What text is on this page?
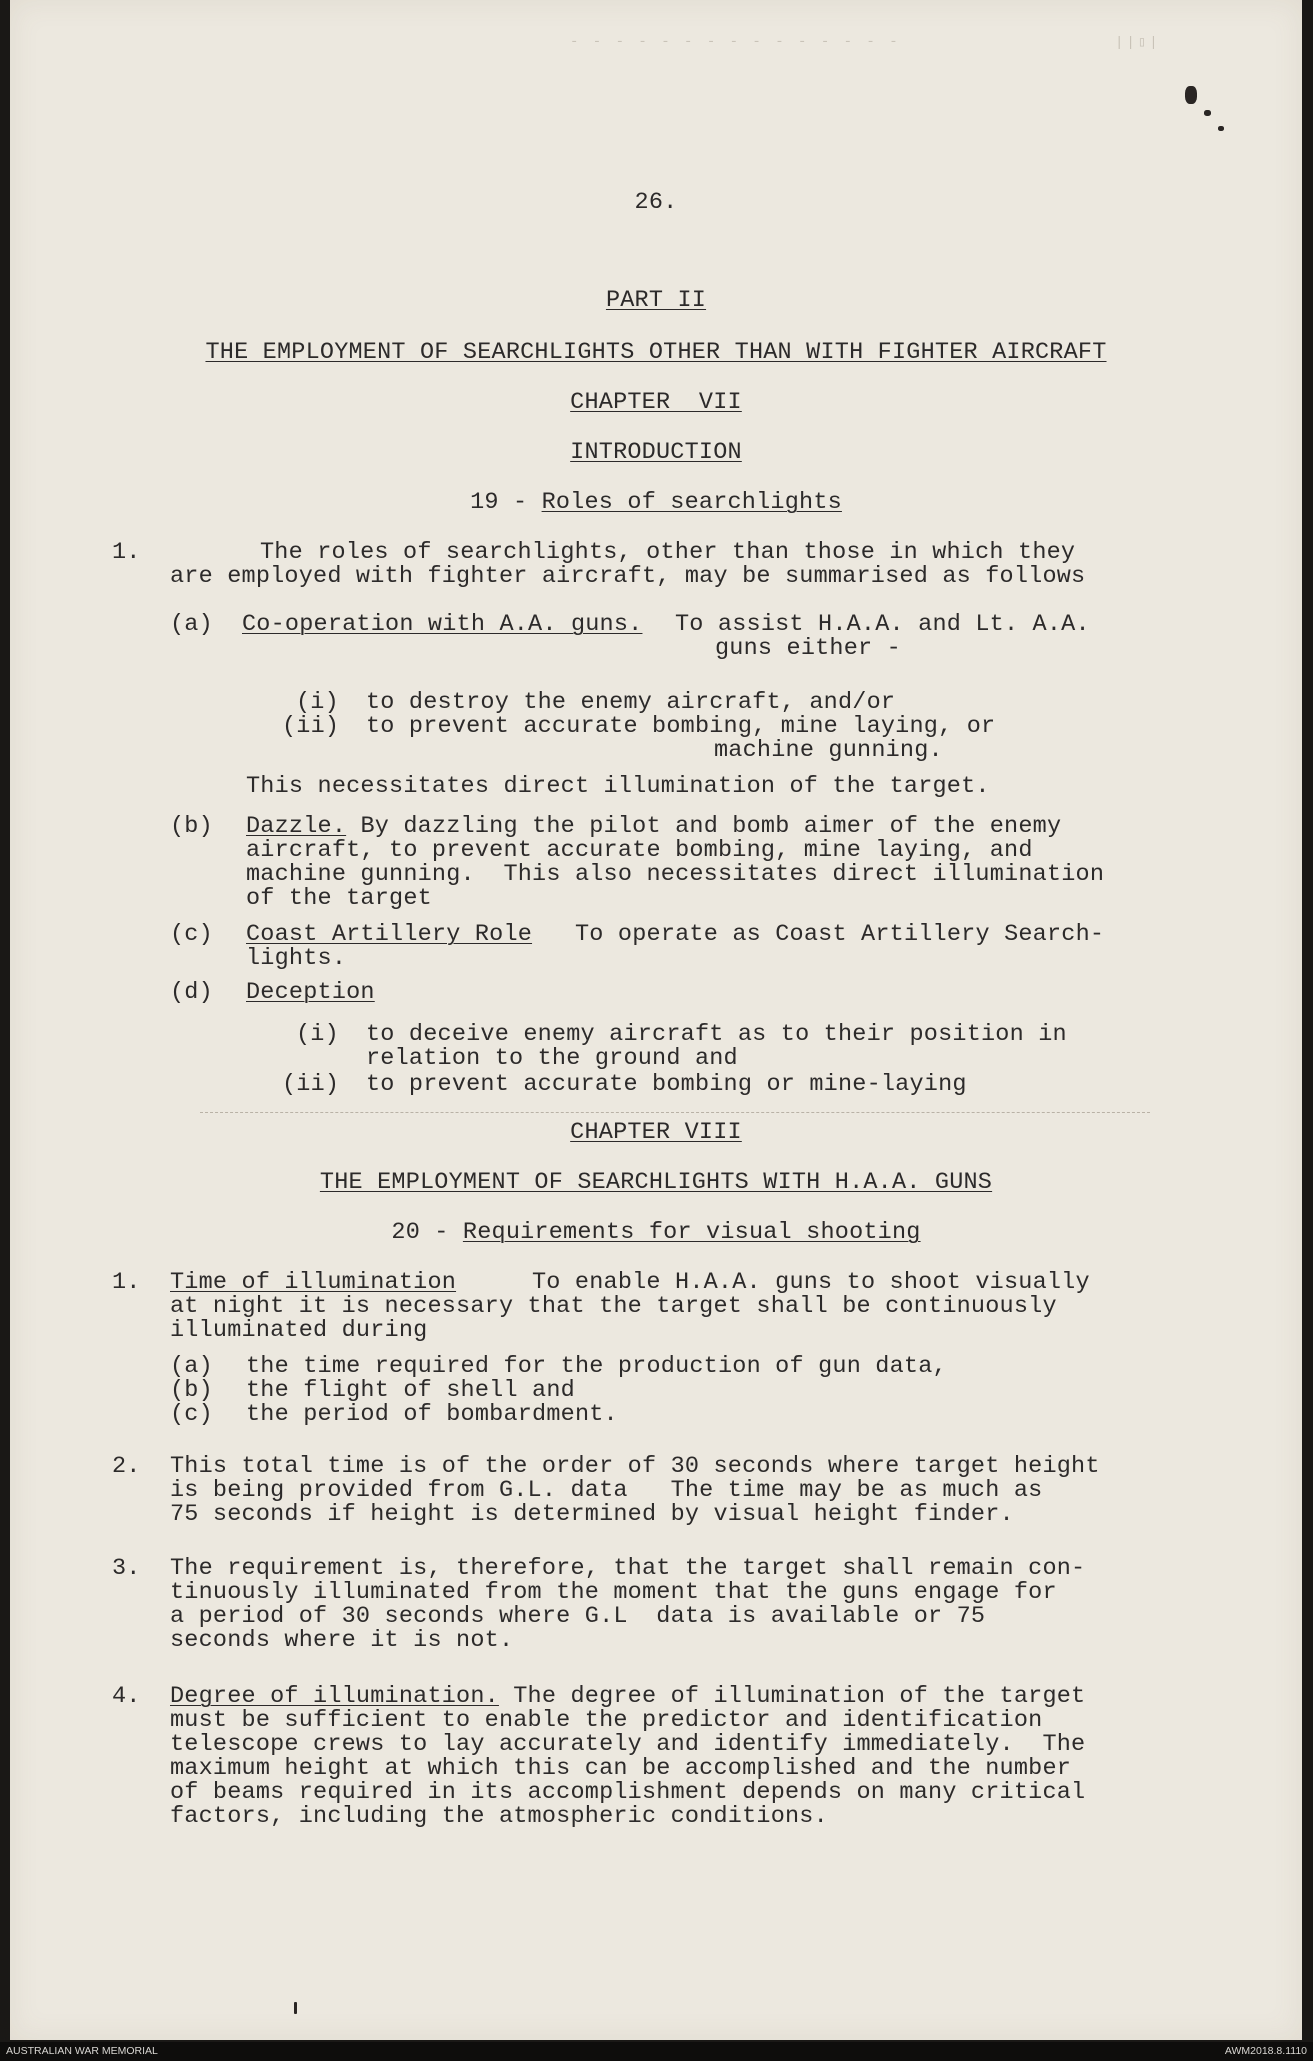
- - - - - - - - - - - - - - -	||▯|
26.
PART II
THE EMPLOYMENT OF SEARCHLIGHTS OTHER THAN WITH FIGHTER AIRCRAFT
CHAPTER  VII
INTRODUCTION
19 - Roles of searchlights
1.	The roles of searchlights, other than those in which they
are employed with fighter aircraft, may be summarised as follows
(a) Co-operation with A.A. guns. To assist H.A.A. and Lt. A.A.
guns either -
(i) to destroy the enemy aircraft, and/or
(ii) to prevent accurate bombing, mine laying, or
machine gunning.
This necessitates direct illumination of the target.
(b) Dazzle. By dazzling the pilot and bomb aimer of the enemy
aircraft, to prevent accurate bombing, mine laying, and
machine gunning.  This also necessitates direct illumination
of the target
(c) Coast Artillery Role To operate as Coast Artillery Search-
lights.
(d) Deception
(i) to deceive enemy aircraft as to their position in
relation to the ground and
(ii) to prevent accurate bombing or mine-laying
CHAPTER VIII
THE EMPLOYMENT OF SEARCHLIGHTS WITH H.A.A. GUNS
20 - Requirements for visual shooting
1. Time of illumination	To enable H.A.A. guns to shoot visually
at night it is necessary that the target shall be continuously
illuminated during
(a) the time required for the production of gun data,
(b) the flight of shell and
(c) the period of bombardment.
2. This total time is of the order of 30 seconds where target height
is being provided from G.L. data   The time may be as much as
75 seconds if height is determined by visual height finder.
3. The requirement is, therefore, that the target shall remain con-
tinuously illuminated from the moment that the guns engage for
a period of 30 seconds where G.L  data is available or 75
seconds where it is not.
4. Degree of illumination. The degree of illumination of the target
must be sufficient to enable the predictor and identification
telescope crews to lay accurately and identify immediately.  The
maximum height at which this can be accomplished and the number
of beams required in its accomplishment depends on many critical
factors, including the atmospheric conditions.
AUSTRALIAN WAR MEMORIAL	AWM2018.8.1110
